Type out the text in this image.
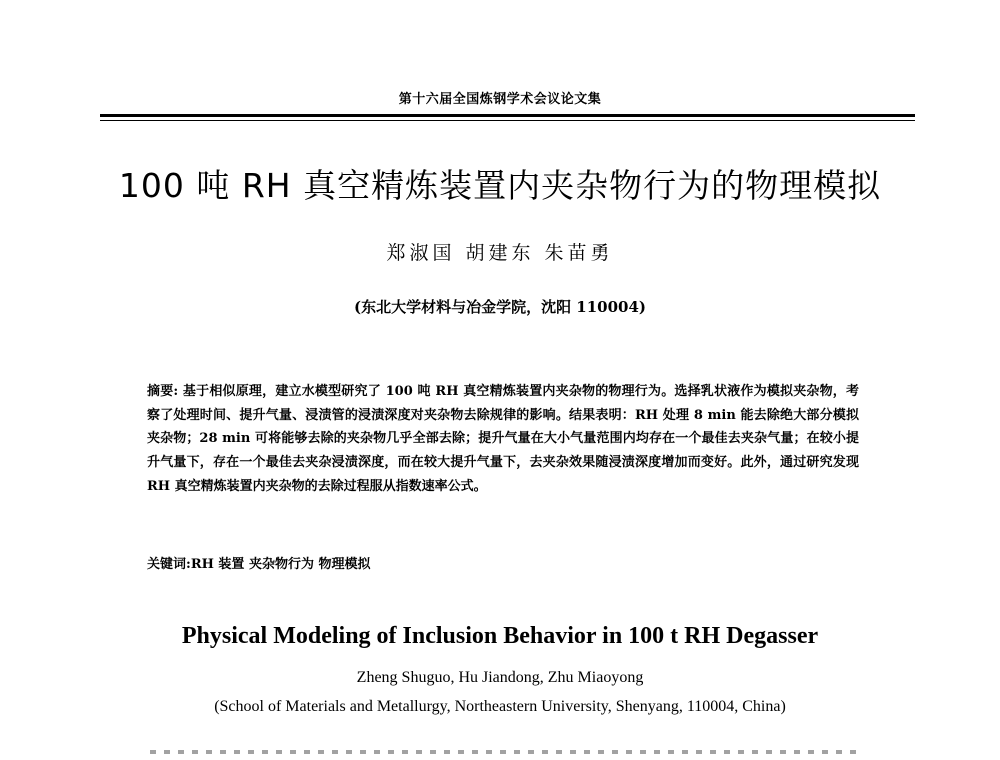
第十六届全国炼钢学术会议论文集
100 吨 RH 真空精炼装置内夹杂物行为的物理模拟
郑淑国 胡建东 朱苗勇
(东北大学材料与冶金学院，沈阳 110004)
摘要: 基于相似原理，建立水模型研究了 100 吨 RH 真空精炼装置内夹杂物的物理行为。选择乳状液作为模拟夹杂物，考察了处理时间、提升气量、浸渍管的浸渍深度对夹杂物去除规律的影响。结果表明：RH 处理 8 min 能去除绝大部分模拟夹杂物；28 min 可将能够去除的夹杂物几乎全部去除；提升气量在大小气量范围内均存在一个最佳去夹杂气量；在较小提升气量下，存在一个最佳去夹杂浸渍深度，而在较大提升气量下，去夹杂效果随浸渍深度增加而变好。此外，通过研究发现 RH 真空精炼装置内夹杂物的去除过程服从指数速率公式。
关键词:RH 装置 夹杂物行为 物理模拟
Physical Modeling of Inclusion Behavior in 100 t RH Degasser
Zheng Shuguo, Hu Jiandong, Zhu Miaoyong
(School of Materials and Metallurgy, Northeastern University, Shenyang, 110004, China)
